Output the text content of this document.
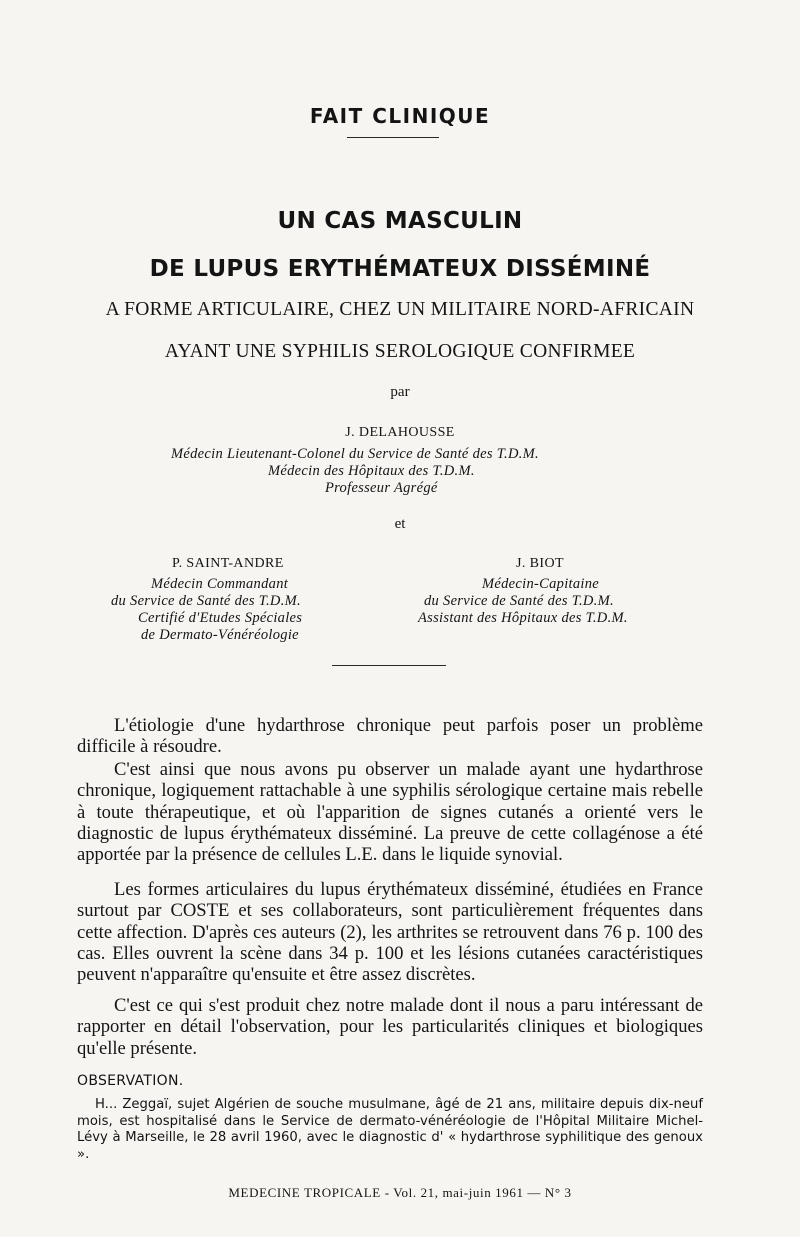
FAIT CLINIQUE
UN CAS MASCULIN
DE LUPUS ERYTHÉMATEUX DISSÉMINÉ
A FORME ARTICULAIRE, CHEZ UN MILITAIRE NORD-AFRICAIN
AYANT UNE SYPHILIS SEROLOGIQUE CONFIRMEE
par
J. DELAHOUSSE
Médecin Lieutenant-Colonel du Service de Santé des T.D.M.
Médecin des Hôpitaux des T.D.M.
Professeur Agrégé
et
P. SAINT-ANDRE
Médecin Commandant
du Service de Santé des T.D.M.
Certifié d'Etudes Spéciales
de Dermato-Vénéréologie
J. BIOT
Médecin-Capitaine
du Service de Santé des T.D.M.
Assistant des Hôpitaux des T.D.M.

L'étiologie d'une hydarthrose chronique peut parfois poser un problème difficile à résoudre.

C'est ainsi que nous avons pu observer un malade ayant une hydarthrose chronique, logiquement rattachable à une syphilis sérologique certaine mais rebelle à toute thérapeutique, et où l'apparition de signes cutanés a orienté vers le diagnostic de lupus érythémateux disséminé. La preuve de cette collagénose a été apportée par la présence de cellules L.E. dans le liquide synovial.

Les formes articulaires du lupus érythémateux disséminé, étudiées en France surtout par COSTE et ses collaborateurs, sont particulièrement fréquentes dans cette affection. D'après ces auteurs (2), les arthrites se retrouvent dans 76 p. 100 des cas. Elles ouvrent la scène dans 34 p. 100 et les lésions cutanées caractéristiques peuvent n'apparaître qu'ensuite et être assez discrètes.

C'est ce qui s'est produit chez notre malade dont il nous a paru intéressant de rapporter en détail l'observation, pour les particularités cliniques et biologiques qu'elle présente.

OBSERVATION.

H... Zeggaï, sujet Algérien de souche musulmane, âgé de 21 ans, militaire depuis dix-neuf mois, est hospitalisé dans le Service de dermato-vénéréologie de l'Hôpital Militaire Michel-Lévy à Marseille, le 28 avril 1960, avec le diagnostic d' « hydarthrose syphilitique des genoux ».

MEDECINE TROPICALE - Vol. 21, mai-juin 1961 — N° 3
